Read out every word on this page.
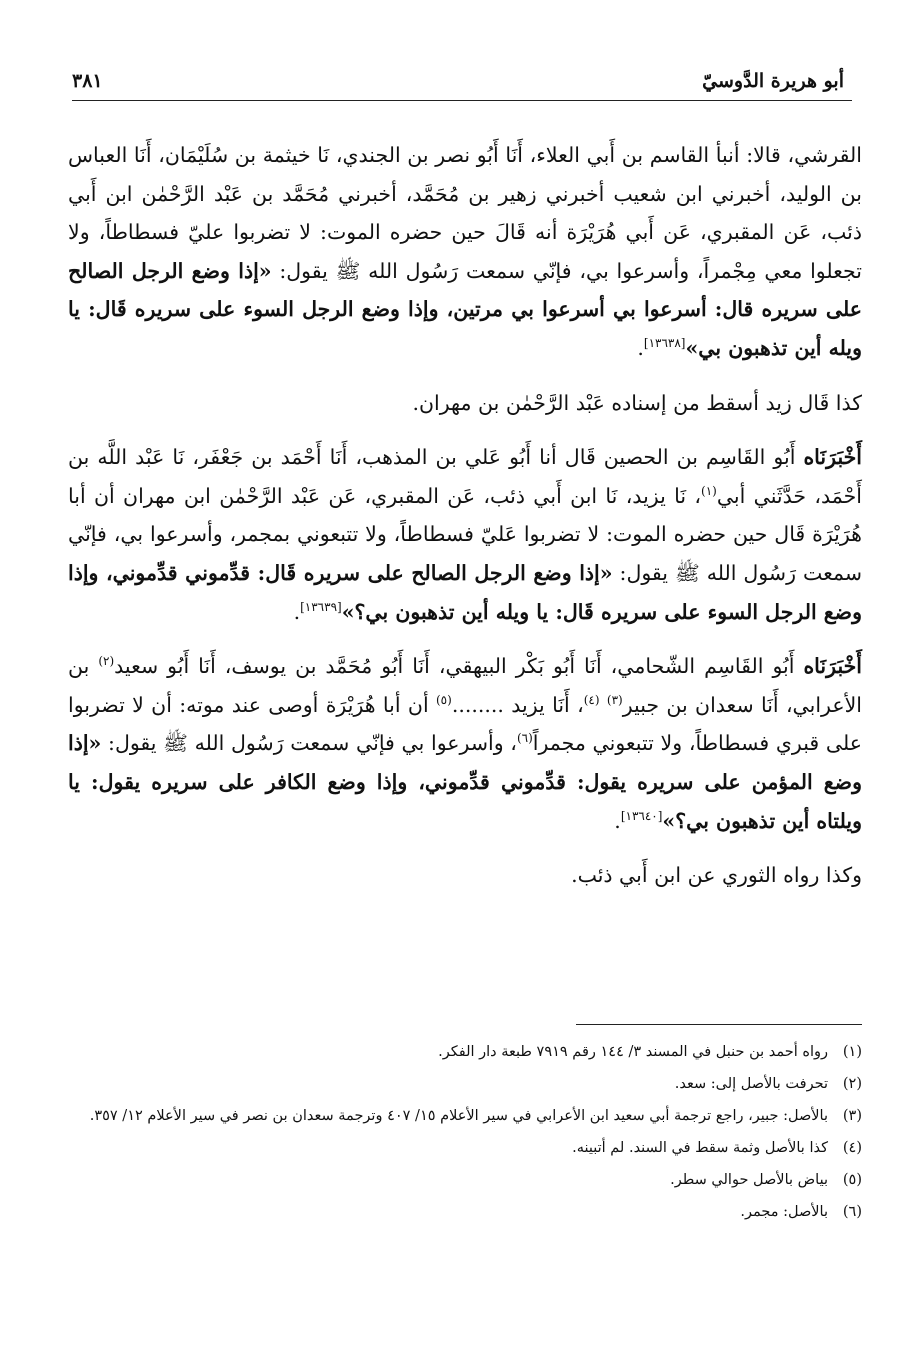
أبو هريرة الدَّوسيّ
٣٨١

القرشي، قالا: أنبأ القاسم بن أَبي العلاء، أَنَا أَبُو نصر بن الجندي، نَا خيثمة بن سُلَيْمَان، أَنَا العباس بن الوليد، أخبرني ابن شعيب أخبرني زهير بن مُحَمَّد، أخبرني مُحَمَّد بن عَبْد الرَّحْمٰن ابن أَبي ذئب، عَن المقبري، عَن أَبي هُرَيْرَة أنه قَالَ حين حضره الموت: لا تضربوا عليّ فسطاطاً، ولا تجعلوا معي مِجْمراً، وأسرعوا بي، فإنّي سمعت رَسُول الله ﷺ يقول: «إذا وضع الرجل الصالح على سريره قال: أسرعوا بي أسرعوا بي مرتين، وإذا وضع الرجل السوء على سريره قَال: يا ويله أين تذهبون بي»[١٣٦٣٨].

كذا قَال زيد أسقط من إسناده عَبْد الرَّحْمٰن بن مهران.

أَخْبَرَنَاه أَبُو القَاسِم بن الحصين قَال أنا أَبُو عَلي بن المذهب، أَنَا أَحْمَد بن جَعْفَر، نَا عَبْد اللَّه بن أَحْمَد، حَدَّثَني أبي$^{(١)}$، نَا يزيد، نَا ابن أَبي ذئب، عَن المقبري، عَن عَبْد الرَّحْمٰن ابن مهران أن أبا هُرَيْرَة قَال حين حضره الموت: لا تضربوا عَليّ فسطاطاً، ولا تتبعوني بمجمر، وأسرعوا بي، فإنّي سمعت رَسُول الله ﷺ يقول: «إذا وضع الرجل الصالح على سريره قَال: قدِّموني قدِّموني، وإذا وضع الرجل السوء على سريره قَال: يا ويله أين تذهبون بي؟»[١٣٦٣٩].

أَخْبَرَنَاه أَبُو القَاسِم الشّحامي، أَنَا أَبُو بَكْر البيهقي، أَنَا أَبُو مُحَمَّد بن يوسف، أَنَا أَبُو سعيد$^{(٢)}$ بن الأعرابي، أَنَا سعدان بن جبير$^{(٣)}$ $^{(٤)}$، أَنَا يزيد ........$^{(٥)}$ أن أبا هُرَيْرَة أوصى عند موته: أن لا تضربوا على قبري فسطاطاً، ولا تتبعوني مجمراً$^{(٦)}$، وأسرعوا بي فإنّي سمعت رَسُول الله ﷺ يقول: «إذا وضع المؤمن على سريره يقول: قدِّموني قدِّموني، وإذا وضع الكافر على سريره يقول: يا ويلتاه أين تذهبون بي؟»[١٣٦٤٠].

وكذا رواه الثوري عن ابن أَبي ذئب.

(١)
رواه أحمد بن حنبل في المسند ٣/ ١٤٤ رقم ٧٩١٩ طبعة دار الفكر.
(٢)
تحرفت بالأصل إلى: سعد.
(٣)
بالأصل: جبير، راجع ترجمة أبي سعيد ابن الأعرابي في سير الأعلام ١٥/ ٤٠٧ وترجمة سعدان بن نصر في سير الأعلام ١٢/ ٣٥٧.
(٤)
كذا بالأصل وثمة سقط في السند. لم أتبينه.
(٥)
بياض بالأصل حوالي سطر.
(٦)
بالأصل: مجمر.
